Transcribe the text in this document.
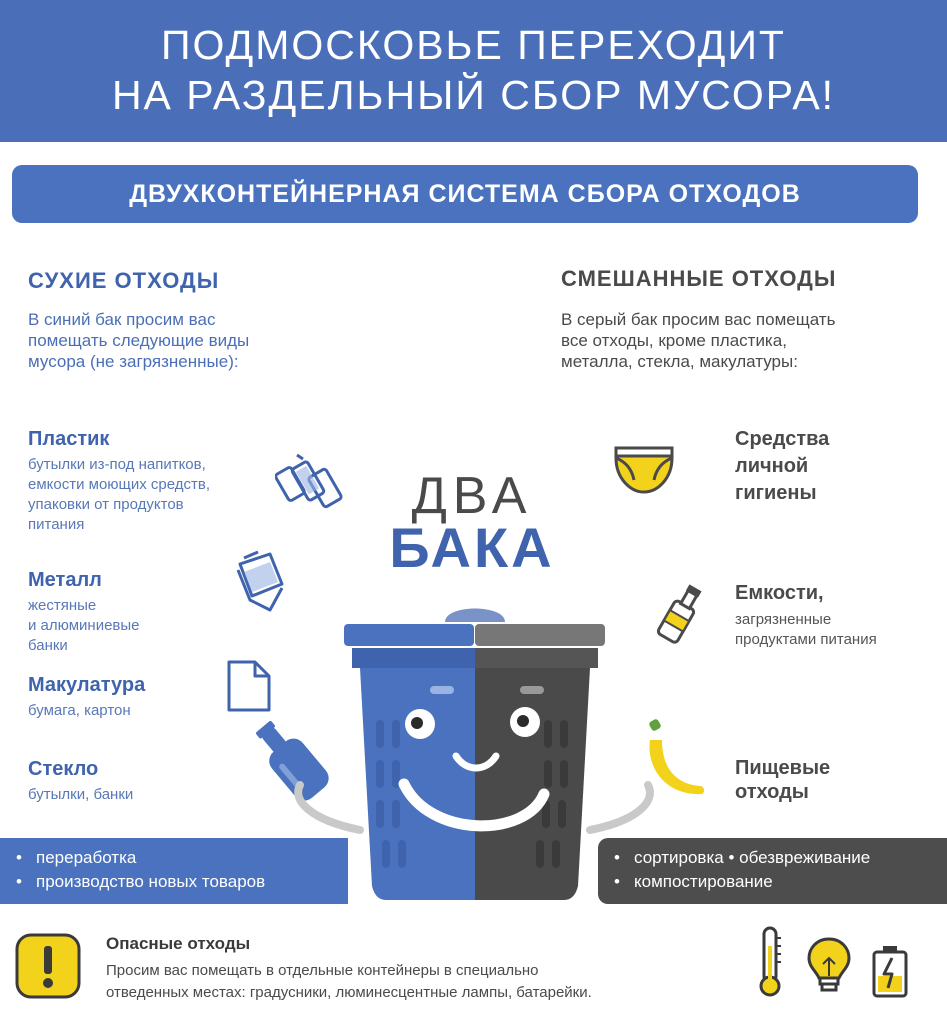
ПОДМОСКОВЬЕ ПЕРЕХОДИТ
НА РАЗДЕЛЬНЫЙ СБОР МУСОРА!
ДВУХКОНТЕЙНЕРНАЯ СИСТЕМА СБОРА ОТХОДОВ
СУХИЕ ОТХОДЫ
В синий бак просим вас
помещать следующие виды
мусора (не загрязненные):
СМЕШАННЫЕ ОТХОДЫ
В серый бак просим вас помещать
все отходы, кроме пластика,
металла, стекла, макулатуры:
Пластик
бутылки из-под напитков,
емкости моющих средств,
упаковки от продуктов
питания
Металл
жестяные
и алюминиевые
банки
Макулатура
бумага, картон
Стекло
бутылки, банки
Средства
личной
гигиены
Емкости,
загрязненные
продуктами питания
Пищевые
отходы
ДВА
БАКА
• переработка
• производство новых товаров
• сортировка • обезвреживание
• компостирование
Опасные отходы
Просим вас помещать в отдельные контейнеры в специально
отведенных местах: градусники, люминесцентные лампы, батарейки.
